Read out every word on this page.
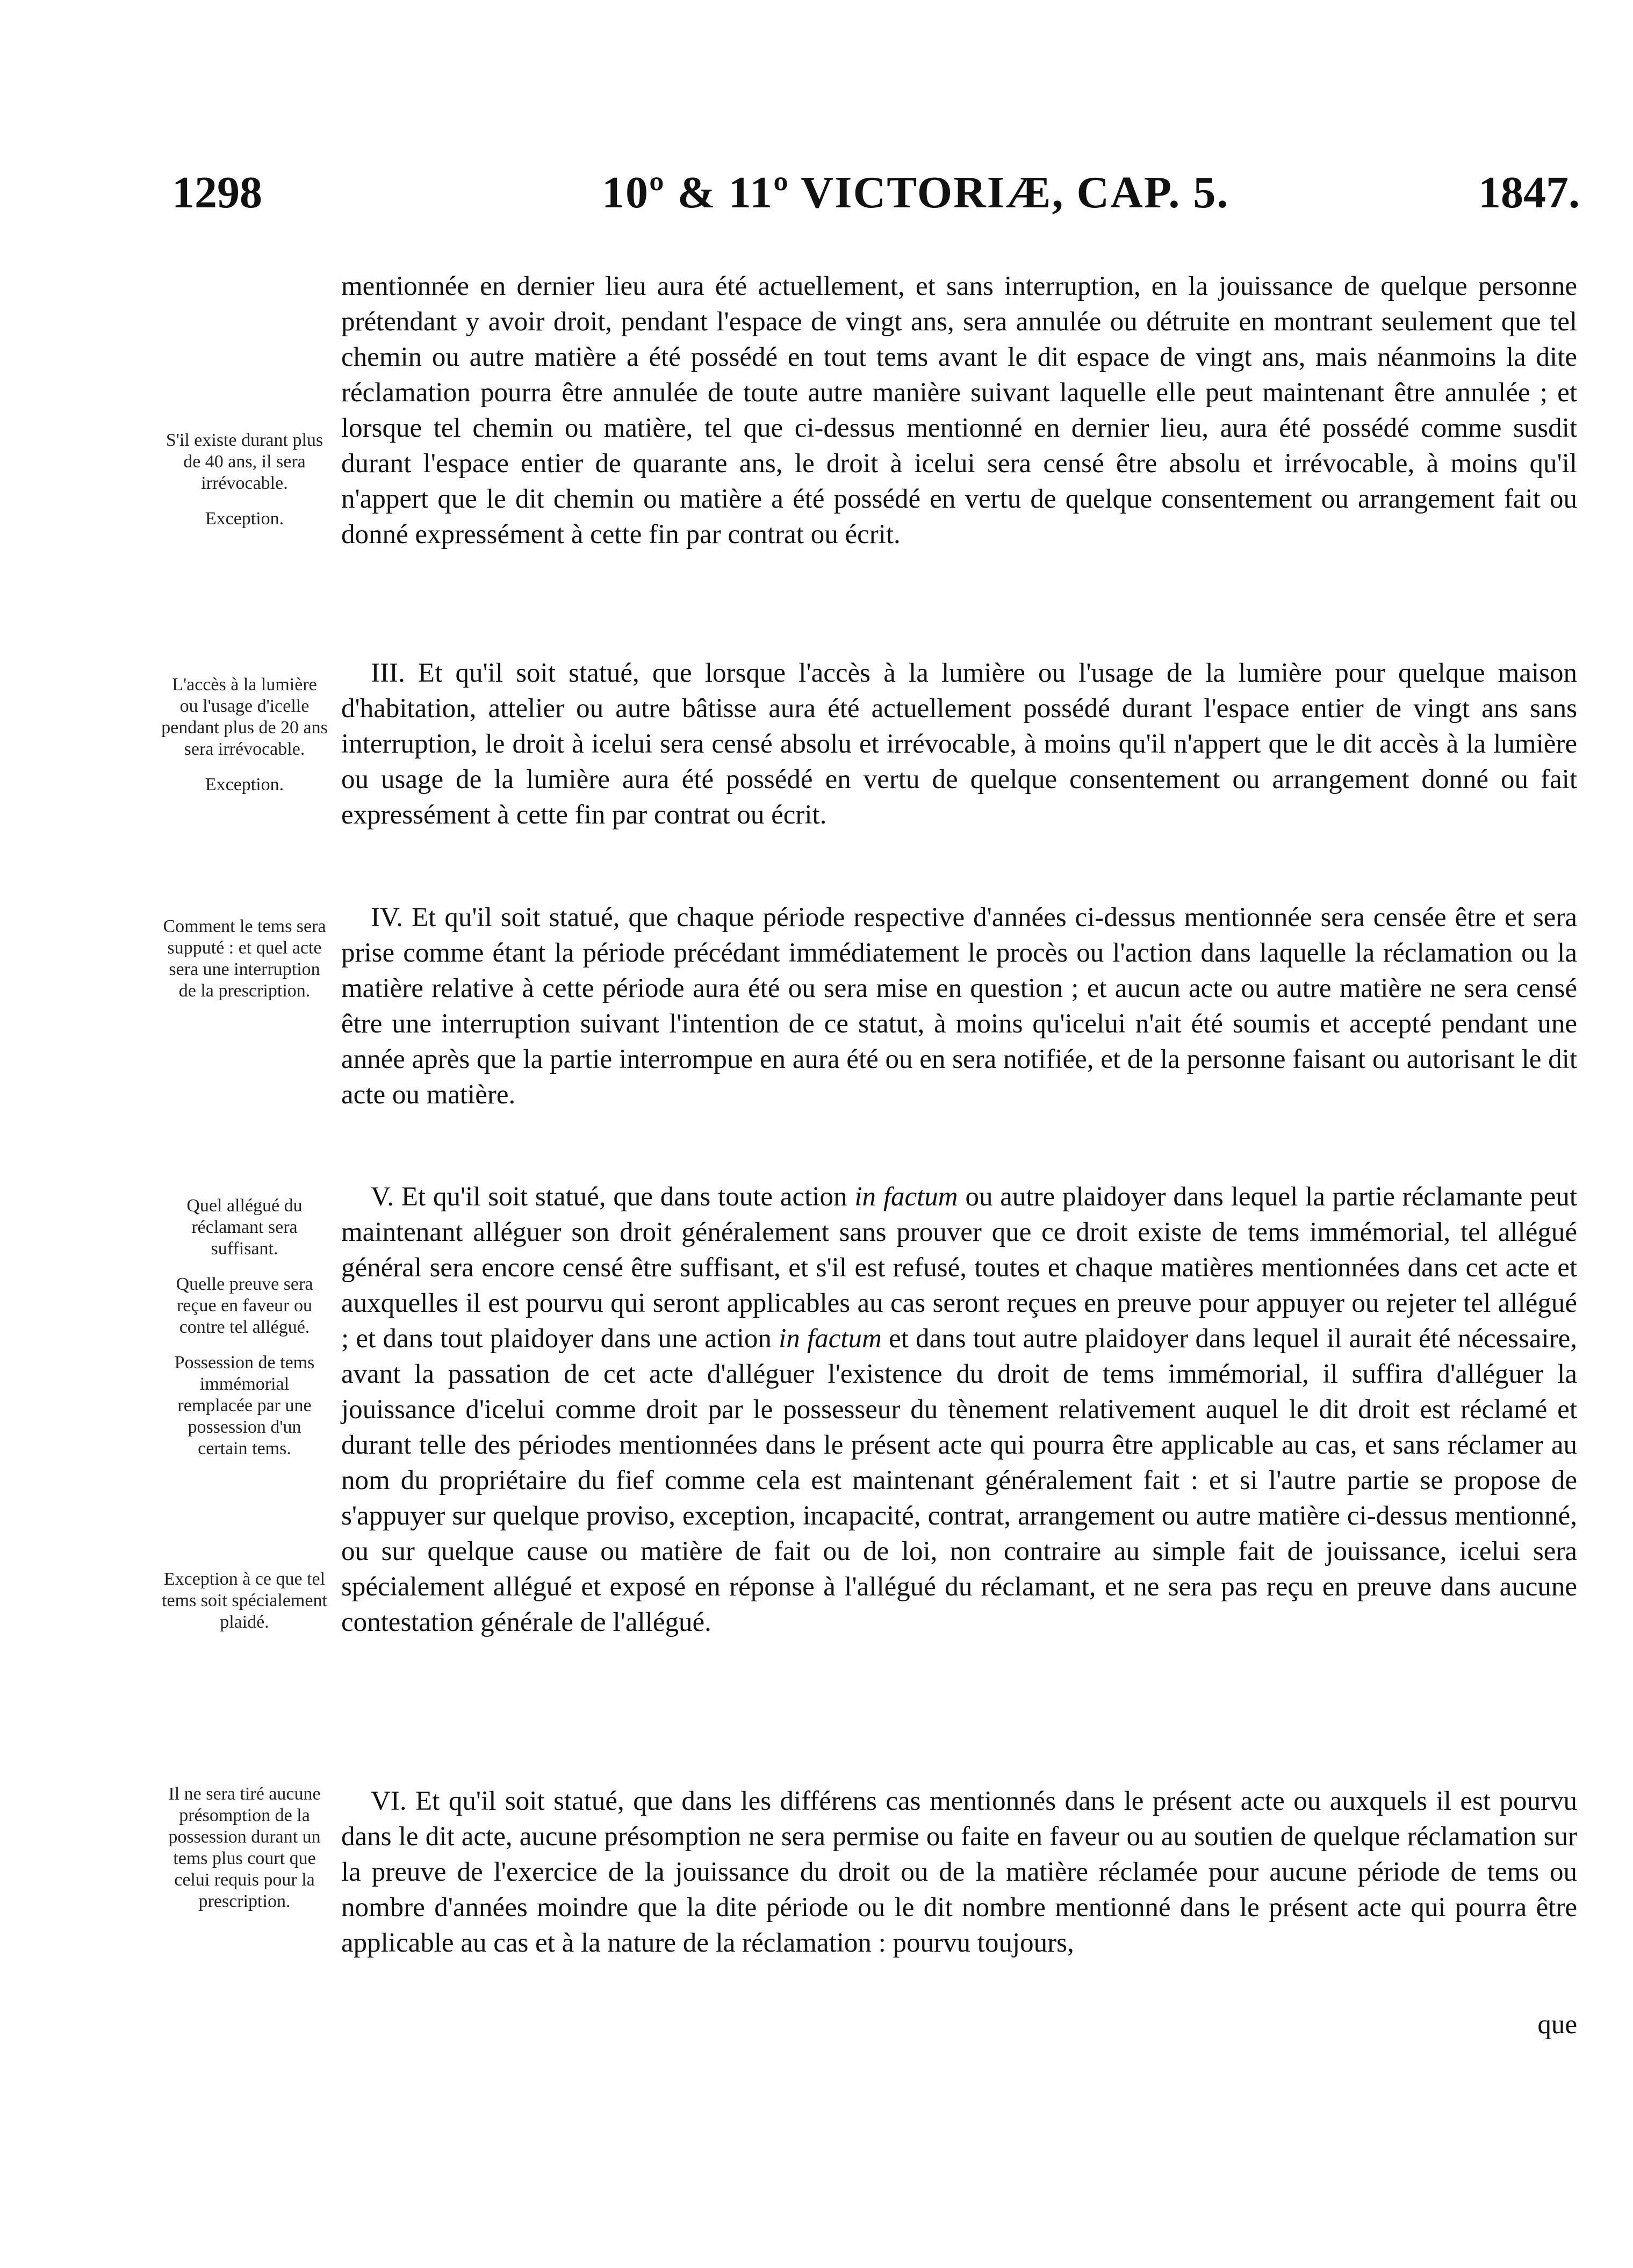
1298	10º & 11º VICTORIÆ, CAP. 5.	1847.

S'il existe durant plus de 40 ans, il sera irrévocable.

Exception.

L'accès à la lumière ou l'usage d'icelle pendant plus de 20 ans sera irrévocable.

Exception.

Comment le tems sera supputé : et quel acte sera une interruption de la prescription.

Quel allégué du réclamant sera suffisant.

Quelle preuve sera reçue en faveur ou contre tel allégué.

Possession de tems immémorial remplacée par une possession d'un certain tems.

Exception à ce que tel tems soit spécialement plaidé.

Il ne sera tiré aucune présomption de la possession durant un tems plus court que celui requis pour la prescription.

mentionnée en dernier lieu aura été actuellement, et sans interruption, en la jouissance de quelque personne prétendant y avoir droit, pendant l'espace de vingt ans, sera annulée ou détruite en montrant seulement que tel chemin ou autre matière a été possédé en tout tems avant le dit espace de vingt ans, mais néanmoins la dite réclamation pourra être annulée de toute autre manière suivant laquelle elle peut maintenant être annulée ; et lorsque tel chemin ou matière, tel que ci-dessus mentionné en dernier lieu, aura été possédé comme susdit durant l'espace entier de quarante ans, le droit à icelui sera censé être absolu et irrévocable, à moins qu'il n'appert que le dit chemin ou matière a été possédé en vertu de quelque consentement ou arrangement fait ou donné expressément à cette fin par contrat ou écrit.

III. Et qu'il soit statué, que lorsque l'accès à la lumière ou l'usage de la lumière pour quelque maison d'habitation, attelier ou autre bâtisse aura été actuellement possédé durant l'espace entier de vingt ans sans interruption, le droit à icelui sera censé absolu et irrévocable, à moins qu'il n'appert que le dit accès à la lumière ou usage de la lumière aura été possédé en vertu de quelque consentement ou arrangement donné ou fait expressément à cette fin par contrat ou écrit.

IV. Et qu'il soit statué, que chaque période respective d'années ci-dessus mentionnée sera censée être et sera prise comme étant la période précédant immédiatement le procès ou l'action dans laquelle la réclamation ou la matière relative à cette période aura été ou sera mise en question ; et aucun acte ou autre matière ne sera censé être une interruption suivant l'intention de ce statut, à moins qu'icelui n'ait été soumis et accepté pendant une année après que la partie interrompue en aura été ou en sera notifiée, et de la personne faisant ou autorisant le dit acte ou matière.

V. Et qu'il soit statué, que dans toute action in factum ou autre plaidoyer dans lequel la partie réclamante peut maintenant alléguer son droit généralement sans prouver que ce droit existe de tems immémorial, tel allégué général sera encore censé être suffisant, et s'il est refusé, toutes et chaque matières mentionnées dans cet acte et auxquelles il est pourvu qui seront applicables au cas seront reçues en preuve pour appuyer ou rejeter tel allégué ; et dans tout plaidoyer dans une action in factum et dans tout autre plaidoyer dans lequel il aurait été nécessaire, avant la passation de cet acte d'alléguer l'existence du droit de tems immémorial, il suffira d'alléguer la jouissance d'icelui comme droit par le possesseur du tènement relativement auquel le dit droit est réclamé et durant telle des périodes mentionnées dans le présent acte qui pourra être applicable au cas, et sans réclamer au nom du propriétaire du fief comme cela est maintenant généralement fait : et si l'autre partie se propose de s'appuyer sur quelque proviso, exception, incapacité, contrat, arrangement ou autre matière ci-dessus mentionné, ou sur quelque cause ou matière de fait ou de loi, non contraire au simple fait de jouissance, icelui sera spécialement allégué et exposé en réponse à l'allégué du réclamant, et ne sera pas reçu en preuve dans aucune contestation générale de l'allégué.

VI. Et qu'il soit statué, que dans les différens cas mentionnés dans le présent acte ou auxquels il est pourvu dans le dit acte, aucune présomption ne sera permise ou faite en faveur ou au soutien de quelque réclamation sur la preuve de l'exercice de la jouissance du droit ou de la matière réclamée pour aucune période de tems ou nombre d'années moindre que la dite période ou le dit nombre mentionné dans le présent acte qui pourra être applicable au cas et à la nature de la réclamation : pourvu toujours,

que
